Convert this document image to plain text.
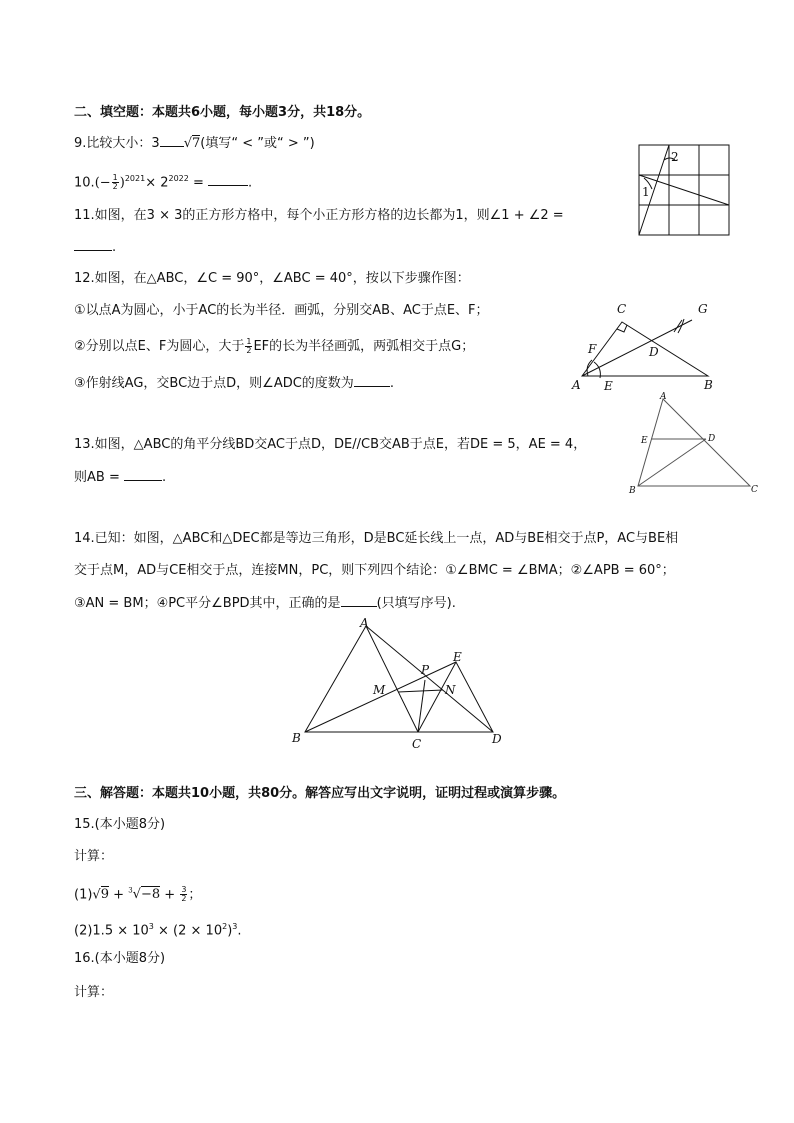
二、填空题：本题共6小题，每小题3分，共18分。
9.比较大小：3 √7(填写“ < ”或“ > ”)
$10.(- \frac{1}{2} )^{2021}\times 2^{2022}$ =	.
11.如图，在3 × 3的正方形方格中，每个小正方形方格的边长都为1，则∠1 + ∠2 =
.
2
1
12.如图，在△ABC，∠C = 90°，∠ABC = 40°，按以下步骤作图：
①以点A为圆心，小于AC的长为半径．画弧，分别交AB、AC于点E、F；
②分别以点E、F为圆心，大于 $\frac{1}{2}$ EF的长为半径画弧，两弧相交于点G；
③作射线AG，交BC边于点D，则∠ADC的度数为	.
C	G
F	D
A E	B
13.如图，△ABC的角平分线BD交AC于点D，DE//CB交AB于点E，若DE = 5，AE = 4，
则AB =	.
A
E	D
B	C
14.已知：如图，△ABC和△DEC都是等边三角形，D是BC延长线上一点，AD与BE相交于点P，AC与BE相
交于点M，AD与CE相交于点，连接MN，PC，则下列四个结论：①∠BMC = ∠BMA；②∠APB = 60°；
③AN = BM；④PC平分∠BPD其中，正确的是	(只填写序号).
A
E
P
M	N
B	C	D
三、解答题：本题共10小题，共80分。解答应写出文字说明，证明过程或演算步骤。
15.(本小题8分)
计算：
$(1)√9 + ^3√-8 + \frac{3}{2}$ ；
$(2)1.5 \times 10^3 \times (2 \times 10^2)^3$.
16.(本小题8分)
计算：
